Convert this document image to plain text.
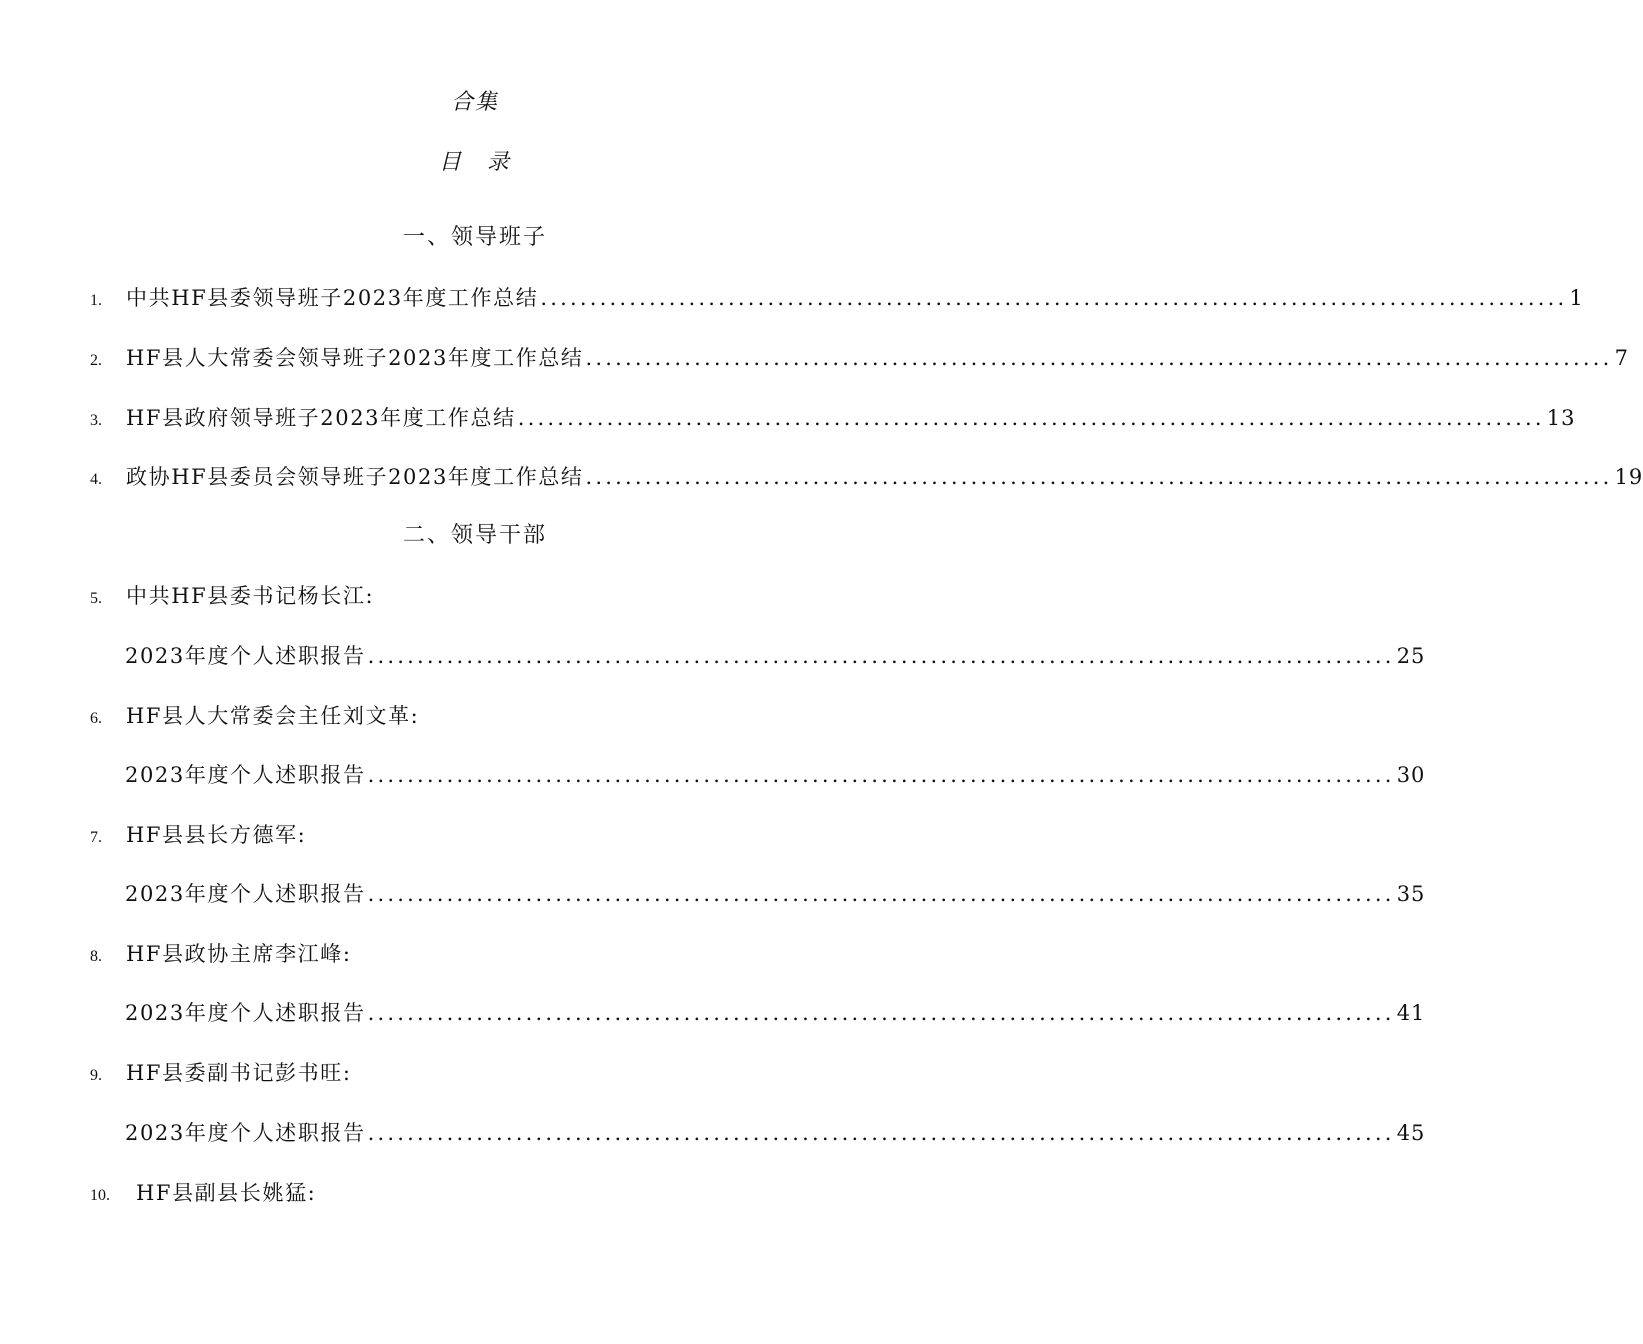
合集
目　录
一、领导班子
1.	中共HF县委领导班子2023年度工作总结 ........................................................................................................ 1
2.	HF县人大常委会领导班子2023年度工作总结 ........................................................................................................ 7
3.	HF县政府领导班子2023年度工作总结 ........................................................................................................ 13
4.	政协HF县委员会领导班子2023年度工作总结 ........................................................................................................ 19
二、领导干部
5.	中共HF县委书记杨长江:
2023年度个人述职报告 ........................................................................................................ 25
6.	HF县人大常委会主任刘文革:
2023年度个人述职报告 ........................................................................................................ 30
7.	HF县县长方德军:
2023年度个人述职报告 ........................................................................................................ 35
8.	HF县政协主席李江峰:
2023年度个人述职报告 ........................................................................................................ 41
9.	HF县委副书记彭书旺:
2023年度个人述职报告 ........................................................................................................ 45
10.	HF县副县长姚猛:
